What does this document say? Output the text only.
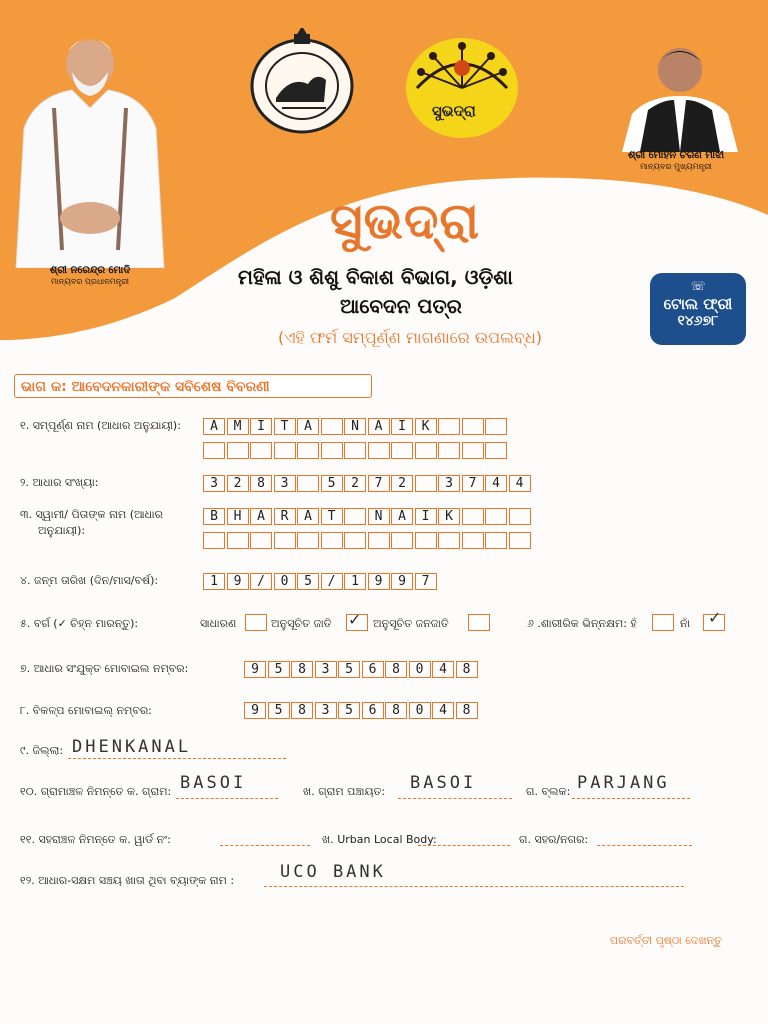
ଶ୍ରୀ ନରେନ୍ଦ୍ର ମୋଦି
ମାନ୍ୟବର ପ୍ରଧାନମନ୍ତ୍ରୀ
ସୁଭଦ୍ରା
ଶ୍ରୀ ମୋହନ ଚରଣ ମାଝୀ
ମାନ୍ୟବର ମୁଖ୍ୟମନ୍ତ୍ରୀ
ସୁଭଦ୍ରା
ମହିଳା ଓ ଶିଶୁ ବିକାଶ ବିଭାଗ, ଓଡ଼ିଶା
ଆବେଦନ ପତ୍ର
(ଏହି ଫର୍ମ ସମ୍ପୂର୍ଣ୍ଣ ମାଗଣାରେ ଉପଲବ୍ଧ)
☏
ଟୋଲ ଫ୍ରୀ
୧୪୬୭୮
ଭାଗ କ: ଆବେଦନକାରୀଙ୍କ ସବିଶେଷ ବିବରଣୀ
୧. ସମ୍ପୂର୍ଣ୍ଣ ନାମ (ଆଧାର ଅନୁଯାୟୀ):	A	M	I	T	A	N	A	I	K
୨. ଆଧାର ସଂଖ୍ୟା:	3	2	8	3	5	2	7	2	3	7	4	4
୩. ସ୍ୱାମୀ/ ପିତାଙ୍କ ନାମ (ଆଧାର
ଅନୁଯାୟୀ):
B	H	A	R	A	T	N	A	I	K
୪. ଜନ୍ମ ତାରିଖ (ଦିନ/ମାସ/ବର୍ଷ):	1	9	/	0	5	/	1	9	9	7
୫. ବର୍ଗ (✓ ଚିହ୍ନ ମାରନ୍ତୁ):	ସାଧାରଣ	ଅନୁସୂଚିତ ଜାତି ✓ ଅନୁସୂଚିତ ଜନଜାତି	୬ .ଶାରୀରିକ ଭିନ୍ନକ୍ଷମ: ହଁ	ନାଁ ✓
୭. ଆଧାର ସଂଯୁକ୍ତ ମୋବାଇଲ ନମ୍ବର:	9	5	8	3	5	6	8	0	4	8
୮. ବିକଳ୍ପ ମୋବାଇଲ୍ ନମ୍ବର:	9	5	8	3	5	6	8	0	4	8
୯. ଜିଲ୍ଲା: DHENKANAL
୧୦. ଗ୍ରାମାଞ୍ଚଳ ନିମନ୍ତେ କ. ଗ୍ରାମ: BASOI	ଖ. ଗ୍ରାମ ପଞ୍ଚାୟତ: BASOI	ଗ. ବ୍ଲକ: PARJANG
୧୧. ସହରାଞ୍ଚଳ ନିମନ୍ତେ କ. ୱାର୍ଡ ନଂ:	ଖ. Urban Local Body:	ଗ. ସହର/ନଗର:
୧୨. ଆଧାର-ସକ୍ଷମ ସଞ୍ଚୟ ଖାତା ଥିବା ବ୍ୟାଙ୍କ ନାମ :	UCO BANK
ପରବର୍ତ୍ତୀ ପୃଷ୍ଠା ଦେଖନ୍ତୁ
